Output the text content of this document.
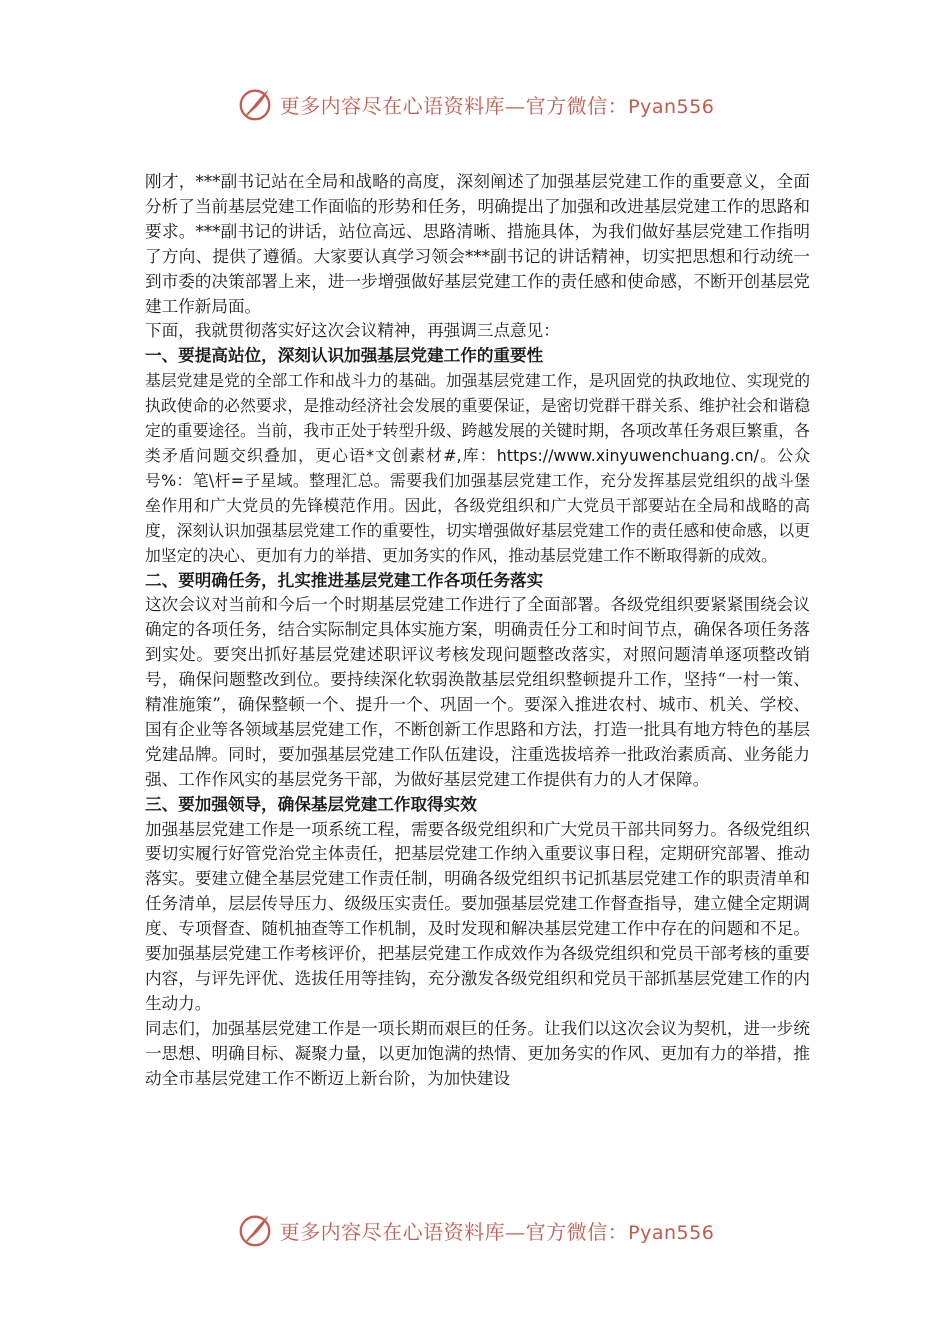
更多内容尽在心语资料库—官方微信：Pyan556

刚才，***副书记站在全局和战略的高度，深刻阐述了加强基层党建工作的重要意义，全面分析了当前基层党建工作面临的形势和任务，明确提出了加强和改进基层党建工作的思路和要求。***副书记的讲话，站位高远、思路清晰、措施具体，为我们做好基层党建工作指明了方向、提供了遵循。大家要认真学习领会***副书记的讲话精神，切实把思想和行动统一到市委的决策部署上来，进一步增强做好基层党建工作的责任感和使命感，不断开创基层党建工作新局面。

下面，我就贯彻落实好这次会议精神，再强调三点意见：

一、要提高站位，深刻认识加强基层党建工作的重要性

基层党建是党的全部工作和战斗力的基础。加强基层党建工作，是巩固党的执政地位、实现党的执政使命的必然要求，是推动经济社会发展的重要保证，是密切党群干群关系、维护社会和谐稳定的重要途径。当前，我市正处于转型升级、跨越发展的关键时期，各项改革任务艰巨繁重，各类矛盾问题交织叠加，更心语*文创素材#,库：https://www.xinyuwenchuang.cn/。公众号%：笔\杆=子星域。整理汇总。需要我们加强基层党建工作，充分发挥基层党组织的战斗堡垒作用和广大党员的先锋模范作用。因此，各级党组织和广大党员干部要站在全局和战略的高度，深刻认识加强基层党建工作的重要性，切实增强做好基层党建工作的责任感和使命感，以更加坚定的决心、更加有力的举措、更加务实的作风，推动基层党建工作不断取得新的成效。

二、要明确任务，扎实推进基层党建工作各项任务落实

这次会议对当前和今后一个时期基层党建工作进行了全面部署。各级党组织要紧紧围绕会议确定的各项任务，结合实际制定具体实施方案，明确责任分工和时间节点，确保各项任务落到实处。要突出抓好基层党建述职评议考核发现问题整改落实，对照问题清单逐项整改销号，确保问题整改到位。要持续深化软弱涣散基层党组织整顿提升工作，坚持“一村一策、精准施策”，确保整顿一个、提升一个、巩固一个。要深入推进农村、城市、机关、学校、国有企业等各领域基层党建工作，不断创新工作思路和方法，打造一批具有地方特色的基层党建品牌。同时，要加强基层党建工作队伍建设，注重选拔培养一批政治素质高、业务能力强、工作作风实的基层党务干部，为做好基层党建工作提供有力的人才保障。

三、要加强领导，确保基层党建工作取得实效

加强基层党建工作是一项系统工程，需要各级党组织和广大党员干部共同努力。各级党组织要切实履行好管党治党主体责任，把基层党建工作纳入重要议事日程，定期研究部署、推动落实。要建立健全基层党建工作责任制，明确各级党组织书记抓基层党建工作的职责清单和任务清单，层层传导压力、级级压实责任。要加强基层党建工作督查指导，建立健全定期调度、专项督查、随机抽查等工作机制，及时发现和解决基层党建工作中存在的问题和不足。要加强基层党建工作考核评价，把基层党建工作成效作为各级党组织和党员干部考核的重要内容，与评先评优、选拔任用等挂钩，充分激发各级党组织和党员干部抓基层党建工作的内生动力。

同志们，加强基层党建工作是一项长期而艰巨的任务。让我们以这次会议为契机，进一步统一思想、明确目标、凝聚力量，以更加饱满的热情、更加务实的作风、更加有力的举措，推动全市基层党建工作不断迈上新台阶，为加快建设

更多内容尽在心语资料库—官方微信：Pyan556
